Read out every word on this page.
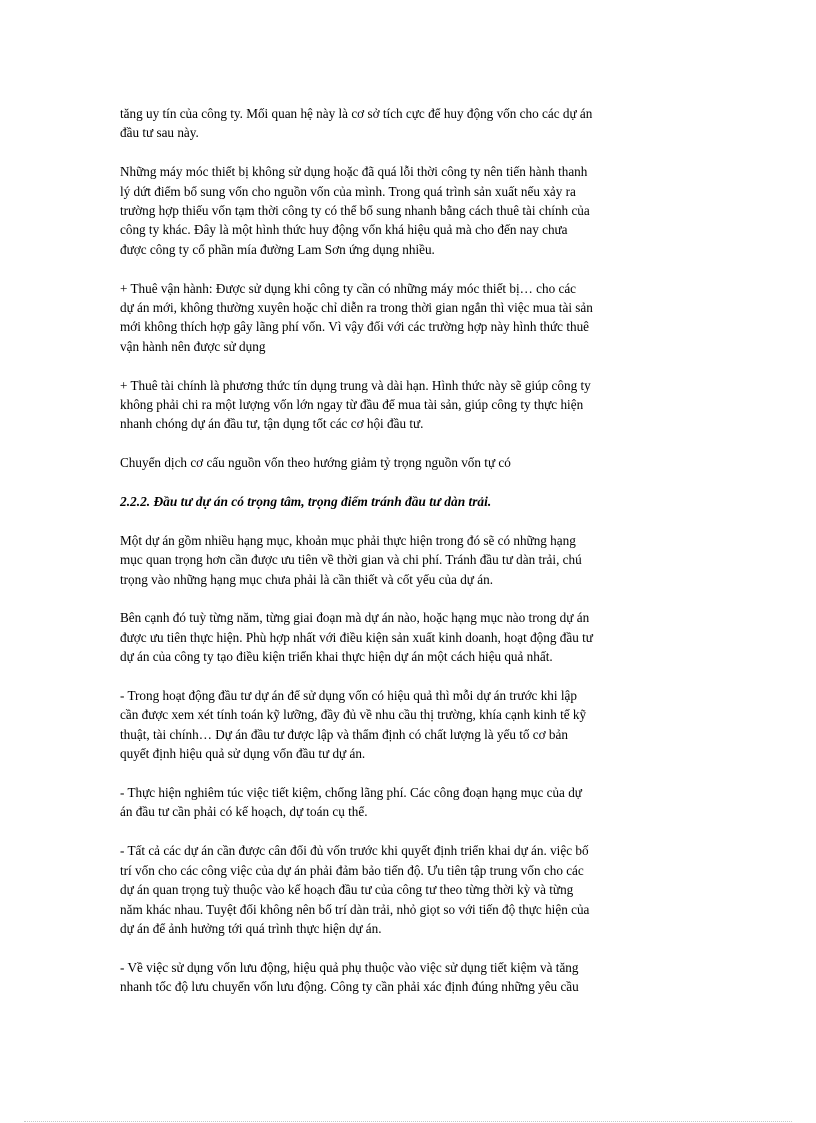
tăng uy tín của công ty. Mối quan hệ này là cơ sở tích cực để huy động vốn cho các dự án
đầu tư sau này.

Những máy móc thiết bị không sử dụng hoặc đã quá lỗi thời công ty nên tiến hành thanh
lý dứt điểm bổ sung vốn cho nguồn vốn của mình. Trong quá trình sản xuất nếu xảy ra
trường hợp thiếu vốn tạm thời công ty có thể bổ sung nhanh bằng cách thuê tài chính của
công ty khác. Đây là một hình thức huy động vốn khá hiệu quả mà cho đến nay chưa
được công ty cổ phần mía đường Lam Sơn ứng dụng nhiều.

+ Thuê vận hành: Được sử dụng khi công ty cần có những máy móc thiết bị… cho các
dự án mới, không thường xuyên hoặc chỉ diễn ra trong thời gian ngắn thì việc mua tài sản
mới không thích hợp gây lãng phí vốn. Vì vậy đối với các trường hợp này hình thức thuê
vận hành nên được sử dụng

+ Thuê tài chính là phương thức tín dụng trung và dài hạn. Hình thức này sẽ giúp công ty
không phải chi ra một lượng vốn lớn ngay từ đầu để mua tài sản, giúp công ty thực hiện
nhanh chóng dự án đầu tư, tận dụng tốt các cơ hội đầu tư.

Chuyển dịch cơ cấu nguồn vốn theo hướng giảm tỷ trọng nguồn vốn tự có

2.2.2. Đầu tư dự án có trọng tâm, trọng điểm tránh đầu tư dàn trải.

Một dự án gồm nhiều hạng mục, khoản mục phải thực hiện trong đó sẽ có những hạng
mục quan trọng hơn cần được ưu tiên về thời gian và chi phí. Tránh đầu tư dàn trải, chú
trọng vào những hạng mục chưa phải là cần thiết và cốt yếu của dự án.

Bên cạnh đó tuỳ từng năm, từng giai đoạn mà dự án nào, hoặc hạng mục nào trong dự án
được ưu tiên thực hiện. Phù hợp nhất với điều kiện sản xuất kinh doanh, hoạt động đầu tư
dự án của công ty tạo điều kiện triển khai thực hiện dự án một cách hiệu quả nhất.

- Trong hoạt động đầu tư dự án để sử dụng vốn có hiệu quả thì mỗi dự án trước khi lập
cần được xem xét tính toán kỹ lưỡng, đầy đủ về nhu cầu thị trường, khía cạnh kinh tế kỹ
thuật, tài chính… Dự án đầu tư được lập và thẩm định có chất lượng là yếu tố cơ bản
quyết định hiệu quả sử dụng vốn đầu tư dự án.

- Thực hiện nghiêm túc việc tiết kiệm, chống lãng phí. Các công đoạn hạng mục của dự
án đầu tư cần phải có kế hoạch, dự toán cụ thể.

- Tất cả các dự án cần được cân đối đủ vốn trước khi quyết định triển khai dự án. việc bố
trí vốn cho các công việc của dự án phải đảm bảo tiến độ. Ưu tiên tập trung vốn cho các
dự án quan trọng tuỳ thuộc vào kế hoạch đầu tư của công tư theo từng thời kỳ và từng
năm khác nhau. Tuyệt đối không nên bố trí dàn trải, nhỏ giọt so với tiến độ thực hiện của
dự án để ảnh hưởng tới quá trình thực hiện dự án.

- Về việc sử dụng vốn lưu động, hiệu quả phụ thuộc vào việc sử dụng tiết kiệm và tăng
nhanh tốc độ lưu chuyển vốn lưu động. Công ty cần phải xác định đúng những yêu cầu
